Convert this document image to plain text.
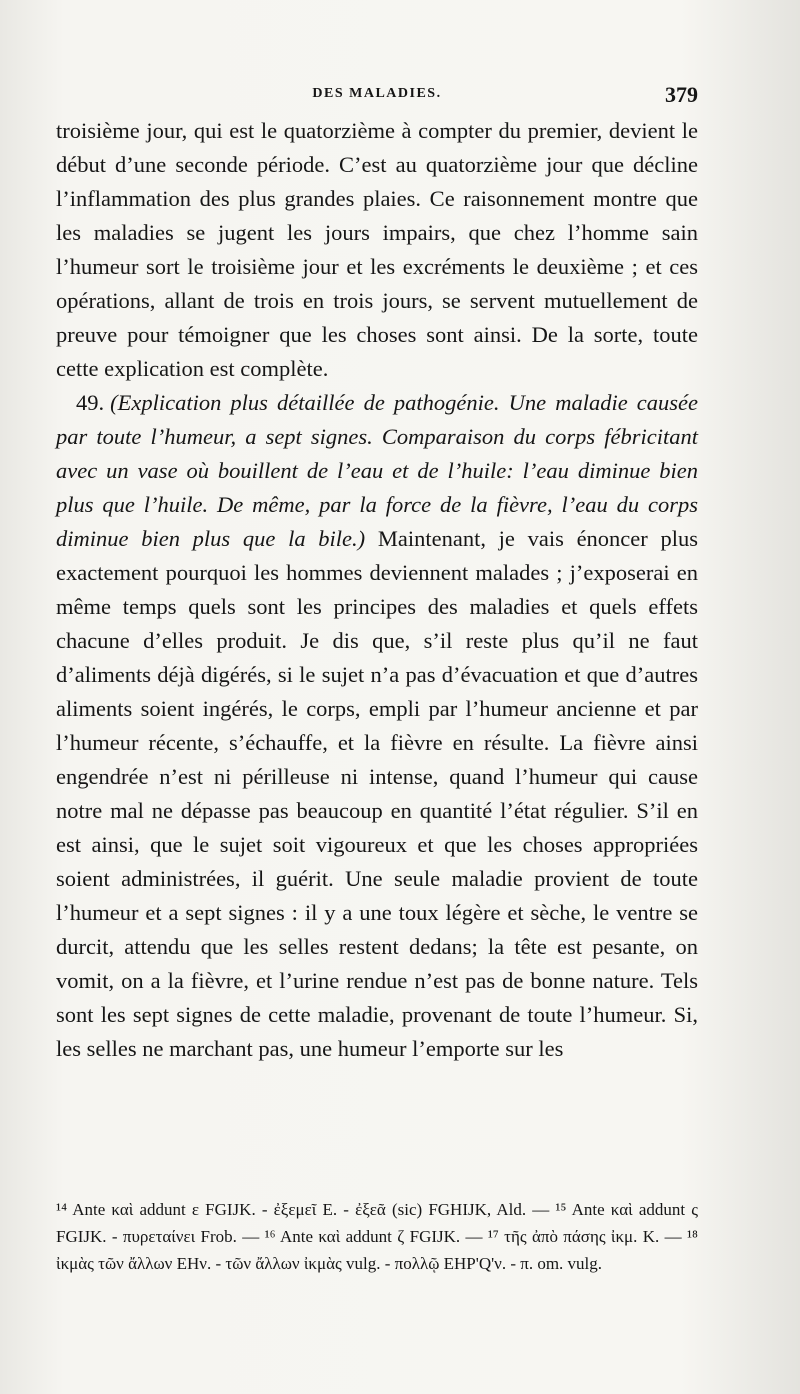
DES MALADIES.	379

troisième jour, qui est le quatorzième à compter du premier, devient le début d’une seconde période. C’est au quatorzième jour que décline l’inflammation des plus grandes plaies. Ce raisonnement montre que les maladies se jugent les jours impairs, que chez l’homme sain l’humeur sort le troisième jour et les excréments le deuxième ; et ces opérations, allant de trois en trois jours, se servent mutuellement de preuve pour témoigner que les choses sont ainsi. De la sorte, toute cette explication est complète.

49. (Explication plus détaillée de pathogénie. Une maladie causée par toute l’humeur, a sept signes. Comparaison du corps fébricitant avec un vase où bouillent de l’eau et de l’huile: l’eau diminue bien plus que l’huile. De même, par la force de la fièvre, l’eau du corps diminue bien plus que la bile.) Maintenant, je vais énoncer plus exactement pourquoi les hommes deviennent malades ; j’exposerai en même temps quels sont les principes des maladies et quels effets chacune d’elles produit. Je dis que, s’il reste plus qu’il ne faut d’aliments déjà digérés, si le sujet n’a pas d’évacuation et que d’autres aliments soient ingérés, le corps, empli par l’humeur ancienne et par l’humeur récente, s’échauffe, et la fièvre en résulte. La fièvre ainsi engendrée n’est ni périlleuse ni intense, quand l’humeur qui cause notre mal ne dépasse pas beaucoup en quantité l’état régulier. S’il en est ainsi, que le sujet soit vigoureux et que les choses appropriées soient administrées, il guérit. Une seule maladie provient de toute l’humeur et a sept signes : il y a une toux légère et sèche, le ventre se durcit, attendu que les selles restent dedans; la tête est pesante, on vomit, on a la fièvre, et l’urine rendue n’est pas de bonne nature. Tels sont les sept signes de cette maladie, provenant de toute l’humeur. Si, les selles ne marchant pas, une humeur l’emporte sur les

¹⁴ Ante καὶ addunt ε FGIJK. - ἐξεμεῖ E. - ἐξεᾶ (sic) FGHIJK, Ald. — ¹⁵ Ante καὶ addunt ς FGIJK. - πυρεταίνει Frob. — ¹⁶ Ante καὶ addunt ζ FGIJK. — ¹⁷ τῆς ἀπὸ πάσης ἰκμ. K. — ¹⁸ ἰκμὰς τῶν ἄλλων EHν. - τῶν ἄλλων ἰκμὰς vulg. - πολλῷ EHP'Q'ν. - π. om. vulg.
